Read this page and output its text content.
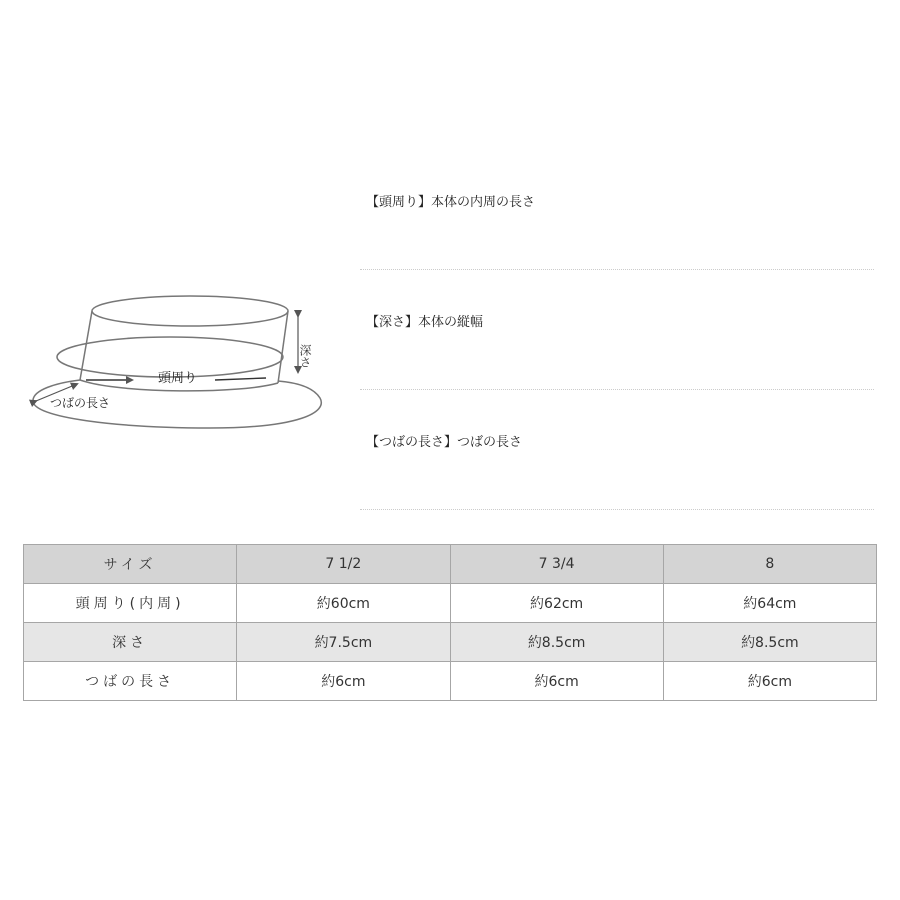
深さ
頭周り
つばの長さ
【頭周り】本体の内周の長さ
【深さ】本体の縦幅
【つばの長さ】つばの長さ
サイズ	7 1/2	7 3/4	8
頭周り(内周)	約60cm	約62cm	約64cm
深さ	約7.5cm	約8.5cm	約8.5cm
つばの長さ	約6cm	約6cm	約6cm
